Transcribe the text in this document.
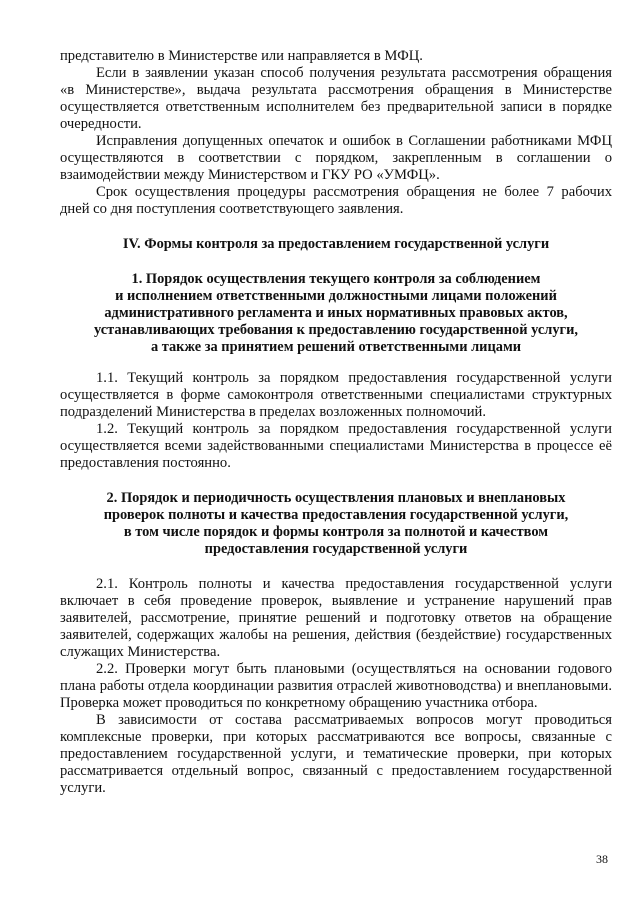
представителю в Министерстве или направляется в МФЦ.

Если в заявлении указан способ получения результата рассмотрения обращения «в Министерстве», выдача результата рассмотрения обращения в Министерстве осуществляется ответственным исполнителем без предварительной записи в порядке очередности.

Исправления допущенных опечаток и ошибок в Соглашении работниками МФЦ осуществляются в соответствии с порядком, закрепленным в соглашении о взаимодействии между Министерством и ГКУ РО «УМФЦ».

Срок осуществления процедуры рассмотрения обращения не более 7 рабочих дней со дня поступления соответствующего заявления.

IV. Формы контроля за предоставлением государственной услуги

1. Порядок осуществления текущего контроля за соблюдением
и исполнением ответственными должностными лицами положений
административного регламента и иных нормативных правовых актов,
устанавливающих требования к предоставлению государственной услуги,
а также за принятием решений ответственными лицами

1.1. Текущий контроль за порядком предоставления государственной услуги осуществляется в форме самоконтроля ответственными специалистами структурных подразделений Министерства в пределах возложенных полномочий.

1.2. Текущий контроль за порядком предоставления государственной услуги осуществляется всеми задействованными специалистами Министерства в процессе её предоставления постоянно.

2. Порядок и периодичность осуществления плановых и внеплановых
проверок полноты и качества предоставления государственной услуги,
в том числе порядок и формы контроля за полнотой и качеством
предоставления государственной услуги

2.1. Контроль полноты и качества предоставления государственной услуги включает в себя проведение проверок, выявление и устранение нарушений прав заявителей, рассмотрение, принятие решений и подготовку ответов на обращение заявителей, содержащих жалобы на решения, действия (бездействие) государственных служащих Министерства.

2.2. Проверки могут быть плановыми (осуществляться на основании годового плана работы отдела координации развития отраслей животноводства) и внеплановыми. Проверка может проводиться по конкретному обращению участника отбора.

В зависимости от состава рассматриваемых вопросов могут проводиться комплексные проверки, при которых рассматриваются все вопросы, связанные с предоставлением государственной услуги, и тематические проверки, при которых рассматривается отдельный вопрос, связанный с предоставлением государственной услуги.

38
